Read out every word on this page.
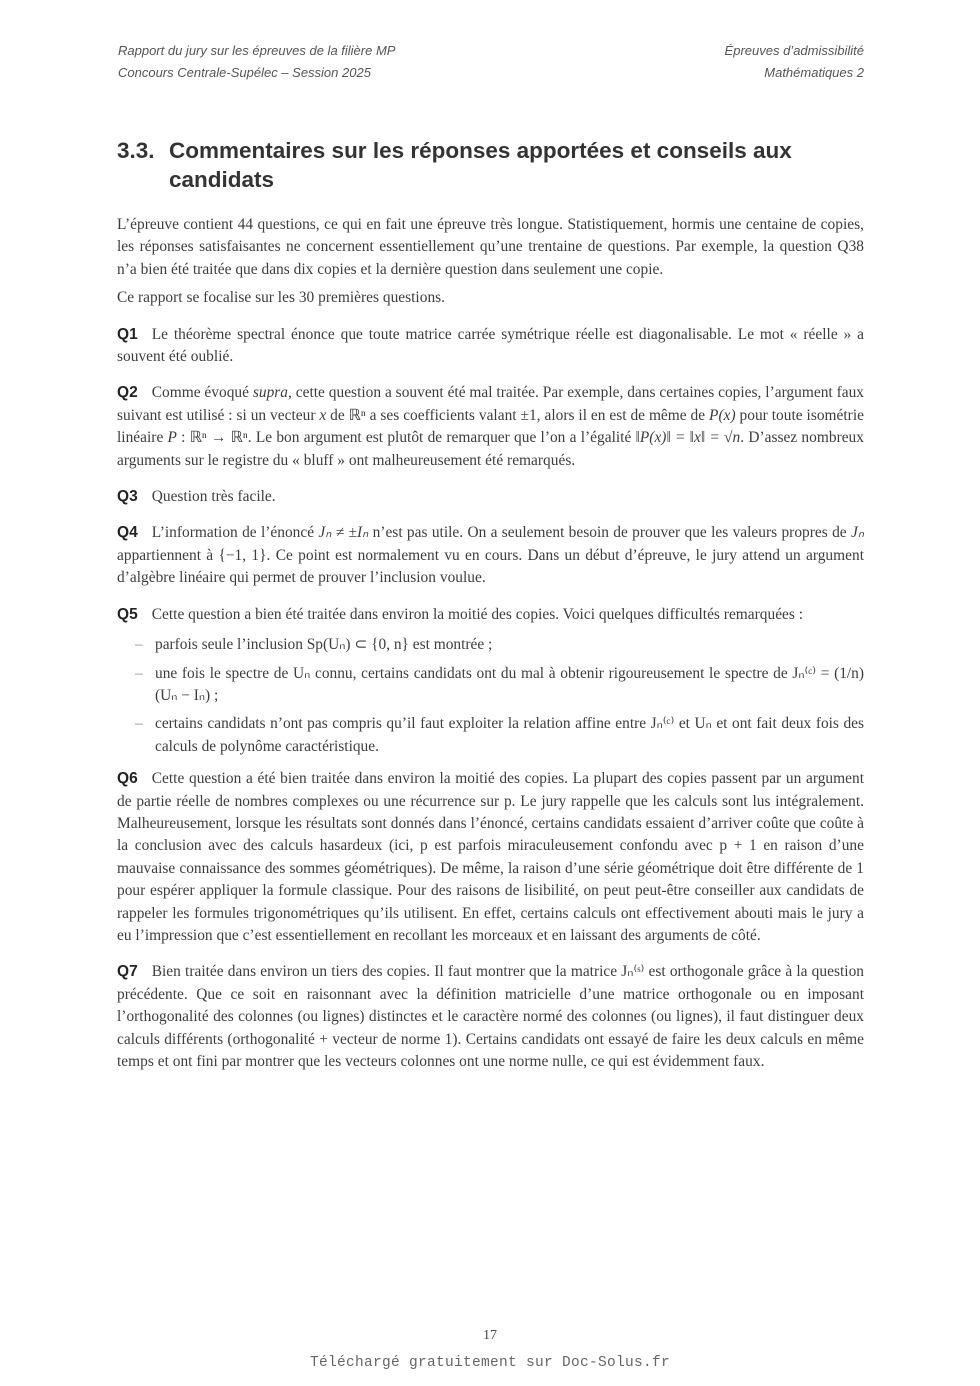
Rapport du jury sur les épreuves de la filière MP
Concours Centrale-Supélec – Session 2025
Épreuves d’admissibilité
Mathématiques 2
3.3. Commentaires sur les réponses apportées et conseils aux candidats

L’épreuve contient 44 questions, ce qui en fait une épreuve très longue. Statistiquement, hormis une centaine de copies, les réponses satisfaisantes ne concernent essentiellement qu’une trentaine de questions. Par exemple, la question Q38 n’a bien été traitée que dans dix copies et la dernière question dans seulement une copie.

Ce rapport se focalise sur les 30 premières questions.

Q1 Le théorème spectral énonce que toute matrice carrée symétrique réelle est diagonalisable. Le mot « réelle » a souvent été oublié.

Q2 Comme évoqué supra, cette question a souvent été mal traitée. Par exemple, dans certaines copies, l’argument faux suivant est utilisé : si un vecteur x de ℝⁿ a ses coefficients valant ±1, alors il en est de même de P(x) pour toute isométrie linéaire P : ℝⁿ → ℝⁿ. Le bon argument est plutôt de remarquer que l’on a l’égalité ‖P(x)‖ = ‖x‖ = √n. D’assez nombreux arguments sur le registre du « bluff » ont malheureusement été remarqués.

Q3 Question très facile.

Q4 L’information de l’énoncé Jₙ ≠ ±Iₙ n’est pas utile. On a seulement besoin de prouver que les valeurs propres de Jₙ appartiennent à {−1, 1}. Ce point est normalement vu en cours. Dans un début d’épreuve, le jury attend un argument d’algèbre linéaire qui permet de prouver l’inclusion voulue.

Q5 Cette question a bien été traitée dans environ la moitié des copies. Voici quelques difficultés remarquées :

– parfois seule l’inclusion Sp(Uₙ) ⊂ {0, n} est montrée ;
– une fois le spectre de Uₙ connu, certains candidats ont du mal à obtenir rigoureusement le spectre de Jₙ⁽ᶜ⁾ = (1/n)(Uₙ − Iₙ) ;
– certains candidats n’ont pas compris qu’il faut exploiter la relation affine entre Jₙ⁽ᶜ⁾ et Uₙ et ont fait deux fois des calculs de polynôme caractéristique.

Q6 Cette question a été bien traitée dans environ la moitié des copies. La plupart des copies passent par un argument de partie réelle de nombres complexes ou une récurrence sur p. Le jury rappelle que les calculs sont lus intégralement. Malheureusement, lorsque les résultats sont donnés dans l’énoncé, certains candidats essaient d’arriver coûte que coûte à la conclusion avec des calculs hasardeux (ici, p est parfois miraculeusement confondu avec p + 1 en raison d’une mauvaise connaissance des sommes géométriques). De même, la raison d’une série géométrique doit être différente de 1 pour espérer appliquer la formule classique. Pour des raisons de lisibilité, on peut peut-être conseiller aux candidats de rappeler les formules trigonométriques qu’ils utilisent. En effet, certains calculs ont effectivement abouti mais le jury a eu l’impression que c’est essentiellement en recollant les morceaux et en laissant des arguments de côté.

Q7 Bien traitée dans environ un tiers des copies. Il faut montrer que la matrice Jₙ⁽ˢ⁾ est orthogonale grâce à la question précédente. Que ce soit en raisonnant avec la définition matricielle d’une matrice orthogonale ou en imposant l’orthogonalité des colonnes (ou lignes) distinctes et le caractère normé des colonnes (ou lignes), il faut distinguer deux calculs différents (orthogonalité + vecteur de norme 1). Certains candidats ont essayé de faire les deux calculs en même temps et ont fini par montrer que les vecteurs colonnes ont une norme nulle, ce qui est évidemment faux.

17
Téléchargé gratuitement sur Doc-Solus.fr
